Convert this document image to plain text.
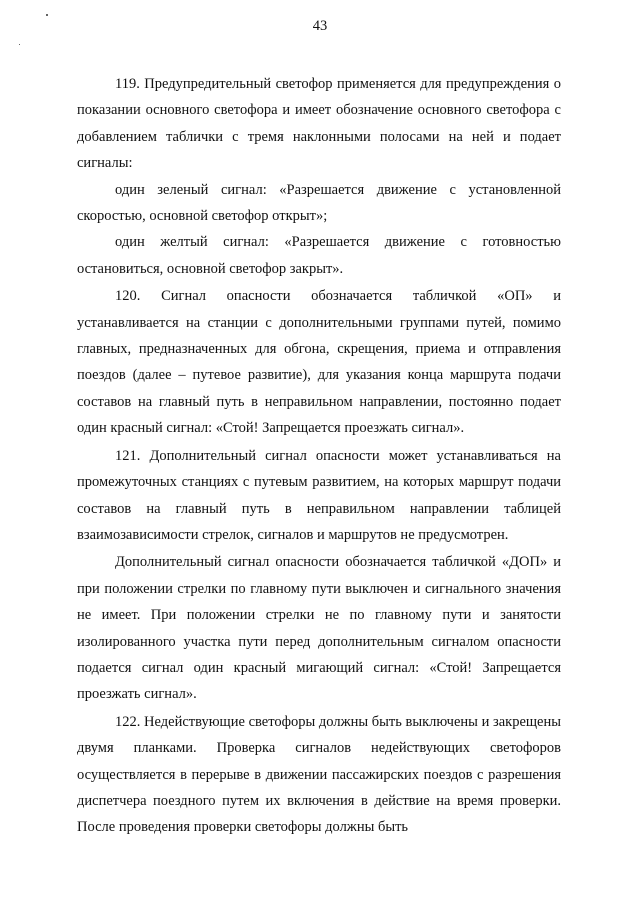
43

119. Предупредительный светофор применяется для предупреждения о показании основного светофора и имеет обозначение основного светофора с добавлением таблички с тремя наклонными полосами на ней и подает сигналы:

один зеленый сигнал: «Разрешается движение с установленной скоростью, основной светофор открыт»;

один желтый сигнал: «Разрешается движение с готовностью остановиться, основной светофор закрыт».

120. Сигнал опасности обозначается табличкой «ОП» и устанавливается на станции с дополнительными группами путей, помимо главных, предназначенных для обгона, скрещения, приема и отправления поездов (далее – путевое развитие), для указания конца маршрута подачи составов на главный путь в неправильном направлении, постоянно подает один красный сигнал: «Стой! Запрещается проезжать сигнал».

121. Дополнительный сигнал опасности может устанавливаться на промежуточных станциях с путевым развитием, на которых маршрут подачи составов на главный путь в неправильном направлении таблицей взаимозависимости стрелок, сигналов и маршрутов не предусмотрен.

Дополнительный сигнал опасности обозначается табличкой «ДОП» и при положении стрелки по главному пути выключен и сигнального значения не имеет. При положении стрелки не по главному пути и занятости изолированного участка пути перед дополнительным сигналом опасности подается сигнал один красный мигающий сигнал: «Стой! Запрещается проезжать сигнал».

122. Недействующие светофоры должны быть выключены и закрещены двумя планками. Проверка сигналов недействующих светофоров осуществляется в перерыве в движении пассажирских поездов с разрешения диспетчера поездного путем их включения в действие на время проверки. После проведения проверки светофоры должны быть
